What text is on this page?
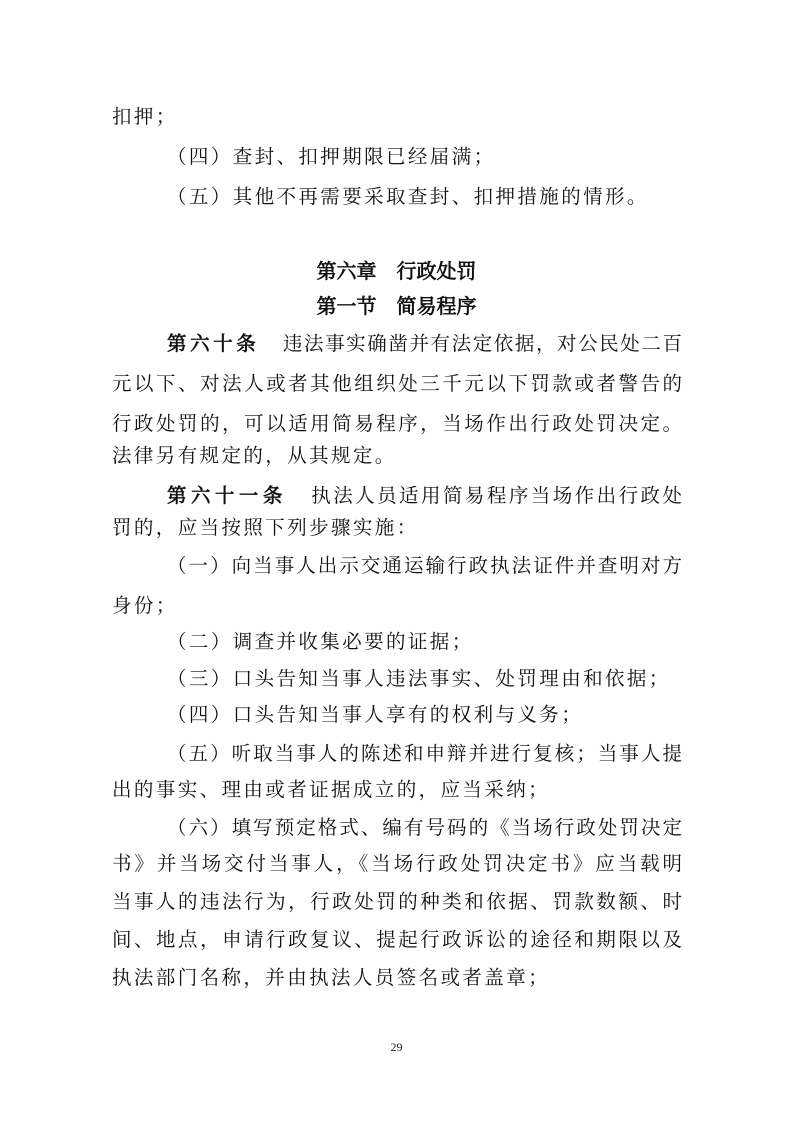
扣押；
（四）查封、扣押期限已经届满；
（五）其他不再需要采取查封、扣押措施的情形。
第六章　行政处罚
第一节　简易程序
第六十条 违法事实确凿并有法定依据，对公民处二百
元以下、对法人或者其他组织处三千元以下罚款或者警告的
行政处罚的，可以适用简易程序，当场作出行政处罚决定。
法律另有规定的，从其规定。
第六十一条 执法人员适用简易程序当场作出行政处
罚的，应当按照下列步骤实施：
（一）向当事人出示交通运输行政执法证件并查明对方
身份；
（二）调查并收集必要的证据；
（三）口头告知当事人违法事实、处罚理由和依据；
（四）口头告知当事人享有的权利与义务；
（五）听取当事人的陈述和申辩并进行复核；当事人提
出的事实、理由或者证据成立的，应当采纳；
（六）填写预定格式、编有号码的《当场行政处罚决定
书》并当场交付当事人，《当场行政处罚决定书》应当载明
当事人的违法行为，行政处罚的种类和依据、罚款数额、时
间、地点，申请行政复议、提起行政诉讼的途径和期限以及
执法部门名称，并由执法人员签名或者盖章；
29
